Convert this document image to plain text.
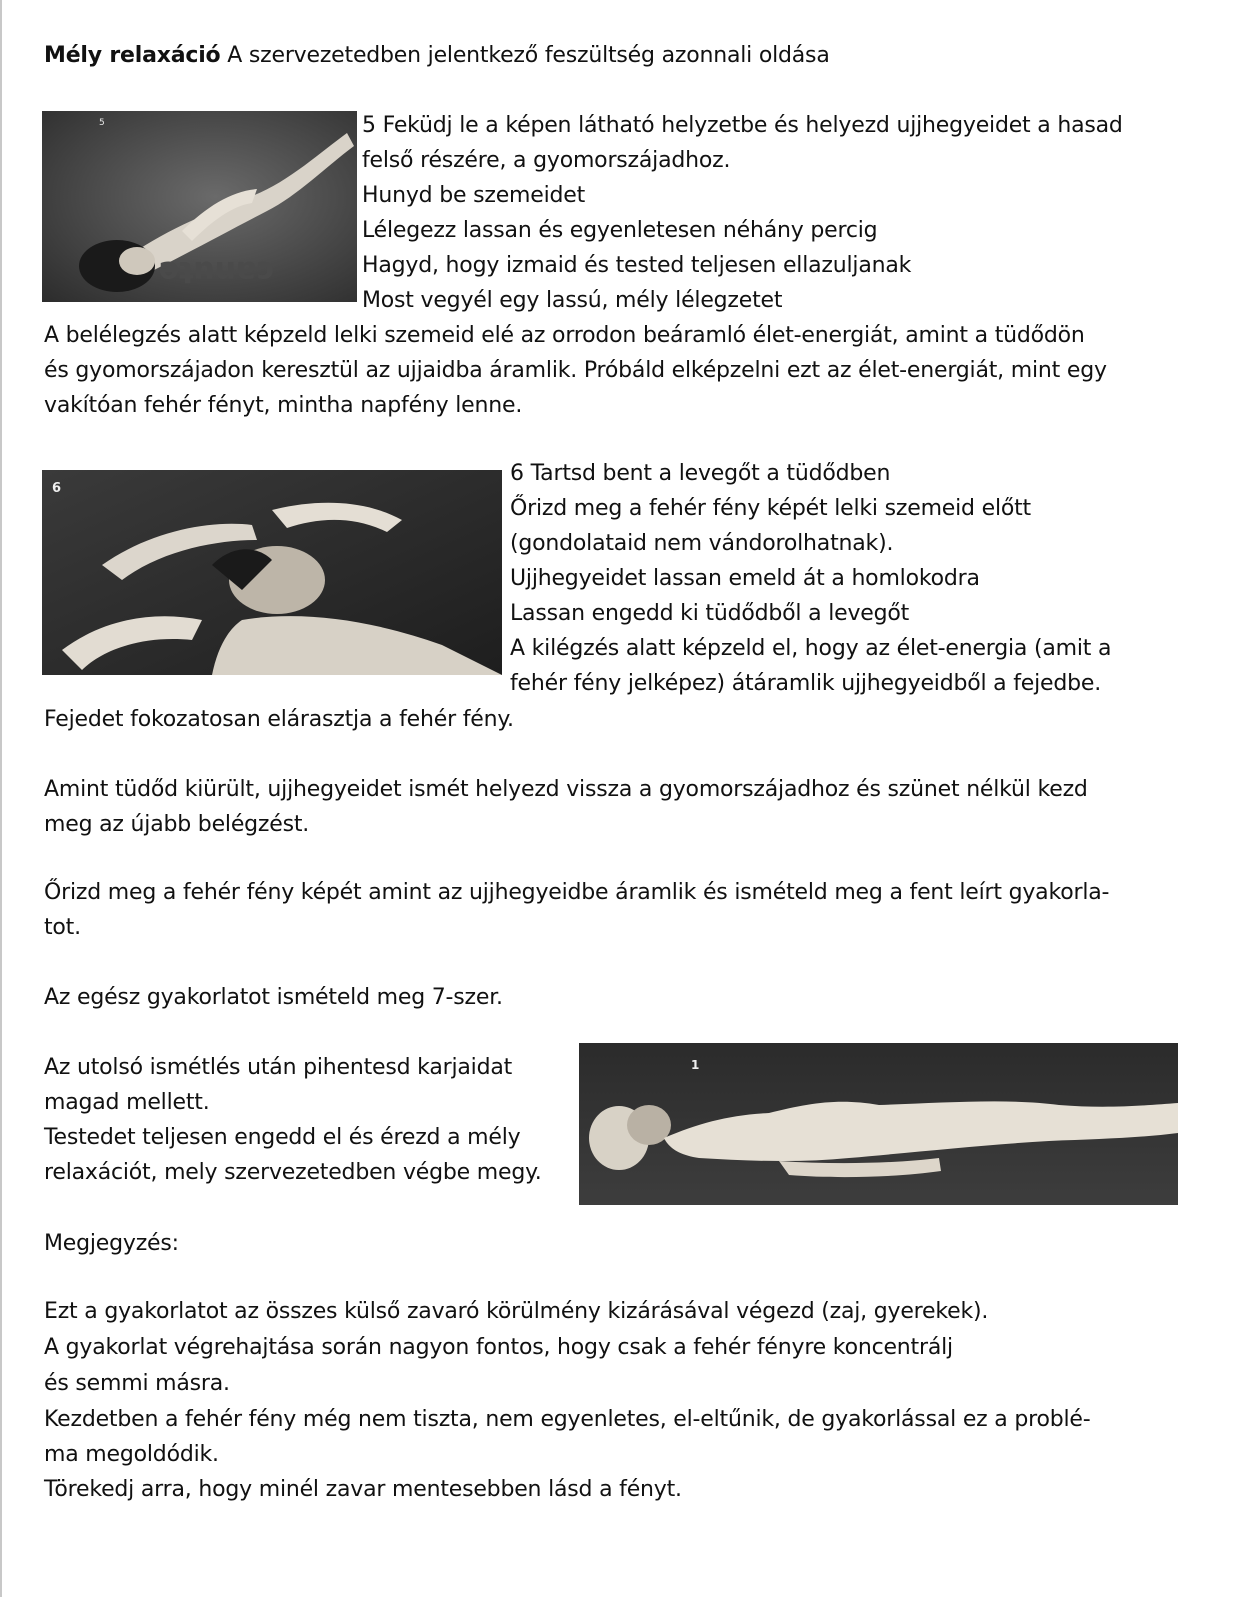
Mély relaxáció A szervezetedben jelentkező feszültség azonnali oldása
canute
5	5 Feküdj le a képen látható helyzetbe és helyezd ujjhegyeidet a hasad
felső részére, a gyomorszájadhoz.
Hunyd be szemeidet
Lélegezz lassan és egyenletesen néhány percig
Hagyd, hogy izmaid és tested teljesen ellazuljanak
Most vegyél egy lassú, mély lélegzetet
A belélegzés alatt képzeld lelki szemeid elé az orrodon beáramló élet-energiát, amint a tüdődön
és gyomorszájadon keresztül az ujjaidba áramlik. Próbáld elképzelni ezt az élet-energiát, mint egy
vakítóan fehér fényt, mintha napfény lenne.
6
6 Tartsd bent a levegőt a tüdődben
Őrizd meg a fehér fény képét lelki szemeid előtt
(gondolataid nem vándorolhatnak).
Ujjhegyeidet lassan emeld át a homlokodra
Lassan engedd ki tüdődből a levegőt
A kilégzés alatt képzeld el, hogy az élet-energia (amit a
fehér fény jelképez) átáramlik ujjhegyeidből a fejedbe.
Fejedet fokozatosan elárasztja a fehér fény.
Amint tüdőd kiürült, ujjhegyeidet ismét helyezd vissza a gyomorszájadhoz és szünet nélkül kezd
meg az újabb belégzést.
Őrizd meg a fehér fény képét amint az ujjhegyeidbe áramlik és ismételd meg a fent leírt gyakorla-
tot.
Az egész gyakorlatot ismételd meg 7-szer.
Az utolsó ismétlés után pihentesd karjaidat
magad mellett.
Testedet teljesen engedd el és érezd a mély
relaxációt, mely szervezetedben végbe megy.
1
Megjegyzés:
Ezt a gyakorlatot az összes külső zavaró körülmény kizárásával végezd (zaj, gyerekek).
A gyakorlat végrehajtása során nagyon fontos, hogy csak a fehér fényre koncentrálj
és semmi másra.
Kezdetben a fehér fény még nem tiszta, nem egyenletes, el-eltűnik, de gyakorlással ez a problé-
ma megoldódik.
Törekedj arra, hogy minél zavar mentesebben lásd a fényt.
